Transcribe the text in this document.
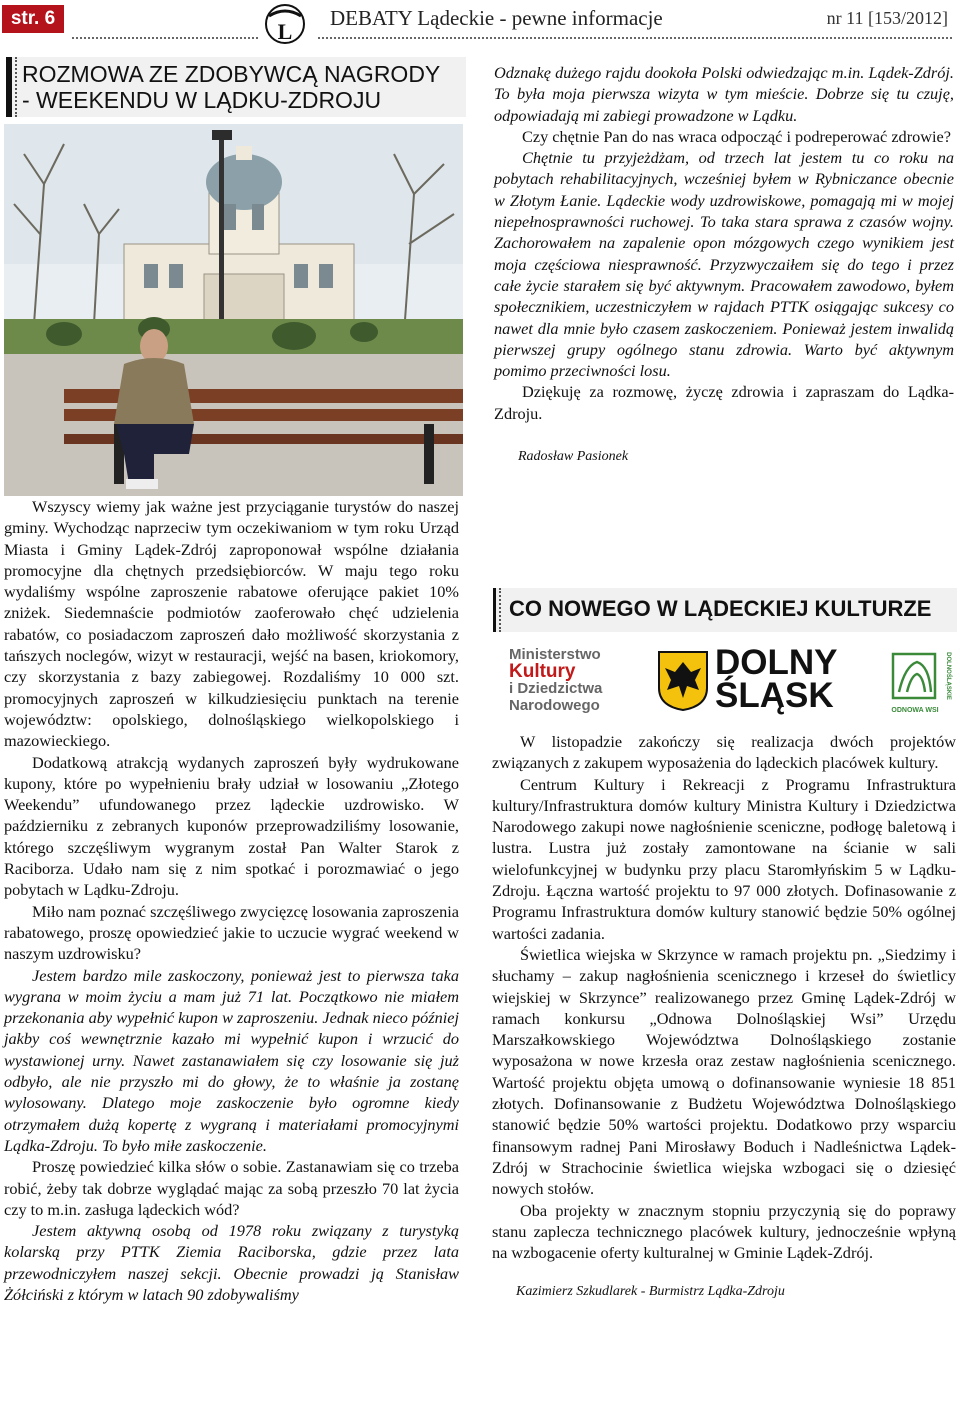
str. 6
L
DEBATY Lądeckie - pewne informacje	nr 11 [153/2012]
ROZMOWA ZE ZDOBYWCĄ NAGRODY
- WEEKENDU W LĄDKU-ZDROJU

Wszyscy wiemy jak ważne jest przyciąganie turystów do naszej gminy. Wychodząc naprzeciw tym oczekiwaniom w tym roku Urząd Miasta i Gminy Lądek-Zdrój zaproponował wspólne działania promocyjne dla chętnych przedsiębiorców. W maju tego roku wydaliśmy wspólne zaproszenie rabatowe oferujące pakiet 10% zniżek. Siedemnaście podmiotów zaoferowało chęć udzielenia rabatów, co posiadaczom zaproszeń dało możliwość skorzystania z tańszych noclegów, wizyt w restauracji, wejść na basen, kriokomory, czy skorzystania z bazy zabiegowej. Rozdaliśmy 10 000 szt. promocyjnych zaproszeń w kilkudziesięciu punktach na terenie województw: opolskiego, dolnośląskiego wielkopolskiego i mazowieckiego.

Dodatkową atrakcją wydanych zaproszeń były wydrukowane kupony, które po wypełnieniu brały udział w losowaniu „Złotego Weekendu” ufundowanego przez lądeckie uzdrowisko. W październiku z zebranych kuponów przeprowadziliśmy losowanie, którego szczęśliwym wygranym został Pan Walter Starok z Raciborza. Udało nam się z nim spotkać i porozmawiać o jego pobytach w Lądku-Zdroju.

Miło nam poznać szczęśliwego zwycięzcę losowania zaproszenia rabatowego, proszę opowiedzieć jakie to uczucie wygrać weekend w naszym uzdrowisku?

Jestem bardzo mile zaskoczony, ponieważ jest to pierwsza taka wygrana w moim życiu a mam już 71 lat. Początkowo nie miałem przekonania aby wypełnić kupon w zaproszeniu. Jednak nieco później jakby coś wewnętrznie kazało mi wypełnić kupon i wrzucić do wystawionej urny. Nawet zastanawiałem się czy losowanie się już odbyło, ale nie przyszło mi do głowy, że to właśnie ja zostanę wylosowany. Dlatego moje zaskoczenie było ogromne kiedy otrzymałem dużą kopertę z wygraną i materiałami promocyjnymi Lądka-Zdroju. To było miłe zaskoczenie.

Proszę powiedzieć kilka słów o sobie. Zastanawiam się co trzeba robić, żeby tak dobrze wyglądać mając za sobą przeszło 70 lat życia czy to m.in. zasługa lądeckich wód?

Jestem aktywną osobą od 1978 roku związany z turystyką kolarską przy PTTK Ziemia Raciborska, gdzie przez lata przewodniczyłem naszej sekcji. Obecnie prowadzi ją Stanisław Żółciński z którym w latach 90 zdobywaliśmy

Odznakę dużego rajdu dookoła Polski odwiedzając m.in. Lądek-Zdrój. To była moja pierwsza wizyta w tym mieście. Dobrze się tu czuję, odpowiadają mi zabiegi prowadzone w Lądku.

Czy chętnie Pan do nas wraca odpocząć i podreperować zdrowie?

Chętnie tu przyjeżdżam, od trzech lat jestem tu co roku na pobytach rehabilitacyjnych, wcześniej byłem w Rybniczance obecnie w Złotym Łanie. Lądeckie wody uzdrowiskowe, pomagają mi w mojej niepełnosprawności ruchowej. To taka stara sprawa z czasów wojny. Zachorowałem na zapalenie opon mózgowych czego wynikiem jest moja częściowa niesprawność. Przyzwyczaiłem się do tego i przez całe życie starałem się być aktywnym. Pracowałem zawodowo, byłem społecznikiem, uczestniczyłem w rajdach PTTK osiągając sukcesy co nawet dla mnie było czasem zaskoczeniem. Ponieważ jestem inwalidą pierwszej grupy ogólnego stanu zdrowia. Warto być aktywnym pomimo przeciwności losu.

Dziękuję za rozmowę, życzę zdrowia i zapraszam do Lądka-Zdroju.

Radosław Pasionek

CO NOWEGO W LĄDECKIEJ KULTURZE
Ministerstwo
Kultury
i Dziedzictwa
Narodowego
DOLNY
ŚLĄSK	ODNOWA WSI
DOLNOŚLĄSKIE

W listopadzie zakończy się realizacja dwóch projektów związanych z zakupem wyposażenia do lądeckich placówek kultury.

Centrum Kultury i Rekreacji z Programu Infrastruktura kultury/Infrastruktura domów kultury Ministra Kultury i Dziedzictwa Narodowego zakupi nowe nagłośnienie sceniczne, podłogę baletową i lustra. Lustra już zostały zamontowane na ścianie w sali wielofunkcyjnej w budynku przy placu Staromłyńskim 5 w Lądku-Zdroju. Łączna wartość projektu to 97 000 złotych. Dofinasowanie z Programu Infrastruktura domów kultury stanowić będzie 50% ogólnej wartości zadania.

Świetlica wiejska w Skrzynce w ramach projektu pn. „Siedzimy i słuchamy – zakup nagłośnienia scenicznego i krzeseł do świetlicy wiejskiej w Skrzynce” realizowanego przez Gminę Lądek-Zdrój w ramach konkursu „Odnowa Dolnośląskiej Wsi” Urzędu Marszałkowskiego Województwa Dolnośląskiego zostanie wyposażona w nowe krzesła oraz zestaw nagłośnienia scenicznego. Wartość projektu objęta umową o dofinansowanie wyniesie 18 851 złotych. Dofinansowanie z Budżetu Województwa Dolnośląskiego stanowić będzie 50% wartości projektu. Dodatkowo przy wsparciu finansowym radnej Pani Mirosławy Boduch i Nadleśnictwa Lądek-Zdrój w Strachocinie świetlica wiejska wzbogaci się o dziesięć nowych stołów.

Oba projekty w znacznym stopniu przyczynią się do poprawy stanu zaplecza technicznego placówek kultury, jednocześnie wpłyną na wzbogacenie oferty kulturalnej w Gminie Lądek-Zdrój.

Kazimierz Szkudlarek - Burmistrz Lądka-Zdroju
